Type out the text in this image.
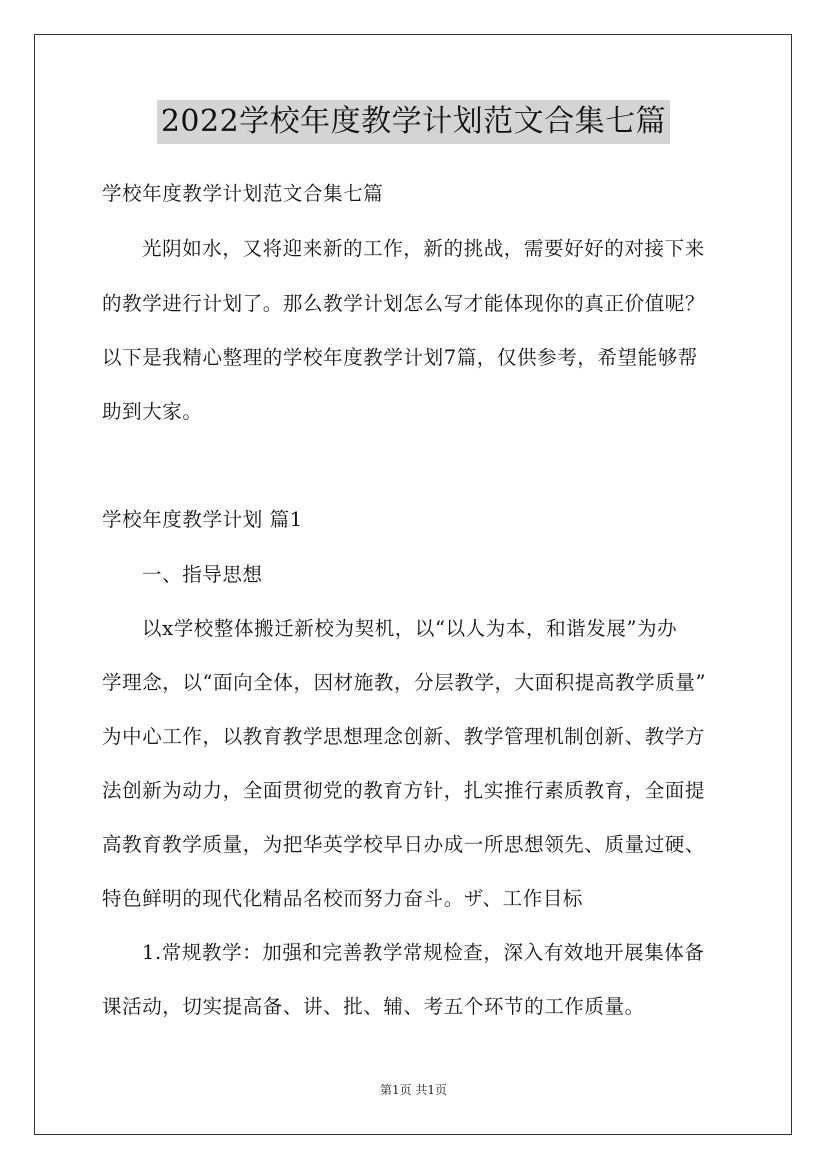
2022学校年度教学计划范文合集七篇
学校年度教学计划范文合集七篇
光阴如水，又将迎来新的工作，新的挑战，需要好好的对接下来
的教学进行计划了。那么教学计划怎么写才能体现你的真正价值呢？
以下是我精心整理的学校年度教学计划7篇，仅供参考，希望能够帮
助到大家。
学校年度教学计划 篇1
一、指导思想
以x学校整体搬迁新校为契机，以“以人为本，和谐发展”为办
学理念，以“面向全体，因材施教，分层教学，大面积提高教学质量”
为中心工作，以教育教学思想理念创新、教学管理机制创新、教学方
法创新为动力，全面贯彻党的教育方针，扎实推行素质教育，全面提
高教育教学质量，为把华英学校早日办成一所思想领先、质量过硬、
特色鲜明的现代化精品名校而努力奋斗。ザ、工作目标
1.常规教学：加强和完善教学常规检查，深入有效地开展集体备
课活动，切实提高备、讲、批、辅、考五个环节的工作质量。
第1页 共1页
